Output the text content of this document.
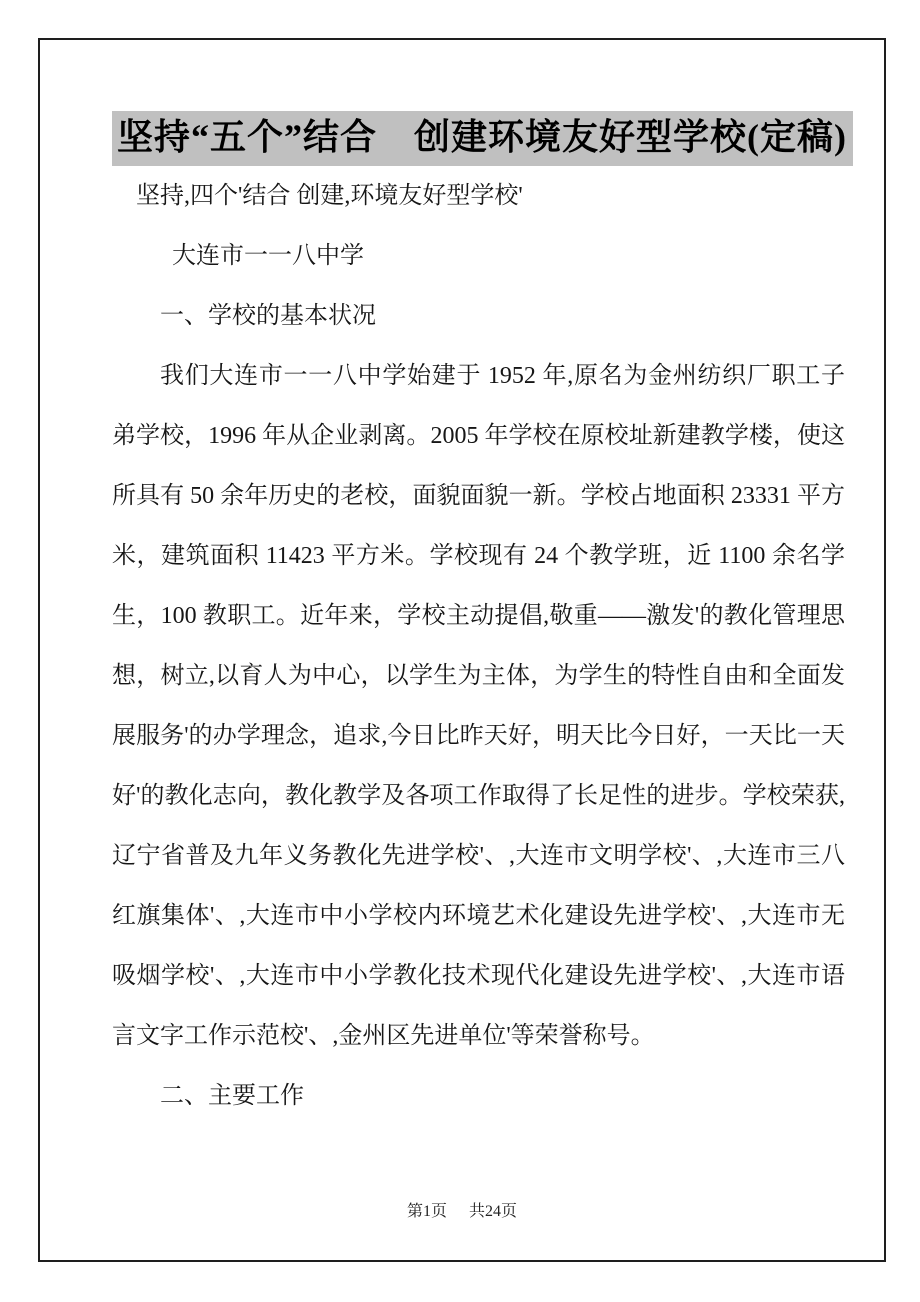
坚持“五个”结合　创建环境友好型学校(定稿)

坚持,四个'结合 创建,环境友好型学校'

大连市一一八中学

一、学校的基本状况

我们大连市一一八中学始建于 1952 年,原名为金州纺织厂职工子弟学校，1996 年从企业剥离。2005 年学校在原校址新建教学楼，使这所具有 50 余年历史的老校，面貌面貌一新。学校占地面积 23331 平方米，建筑面积 11423 平方米。学校现有 24 个教学班，近 1100 余名学生，100 教职工。近年来，学校主动提倡,敬重——激发'的教化管理思想，树立,以育人为中心，以学生为主体，为学生的特性自由和全面发展服务'的办学理念，追求,今日比昨天好，明天比今日好，一天比一天好'的教化志向，教化教学及各项工作取得了长足性的进步。学校荣获,辽宁省普及九年义务教化先进学校'、,大连市文明学校'、,大连市三八红旗集体'、,大连市中小学校内环境艺术化建设先进学校'、,大连市无吸烟学校'、,大连市中小学教化技术现代化建设先进学校'、,大连市语言文字工作示范校'、,金州区先进单位'等荣誉称号。

二、主要工作

第1页 共24页
